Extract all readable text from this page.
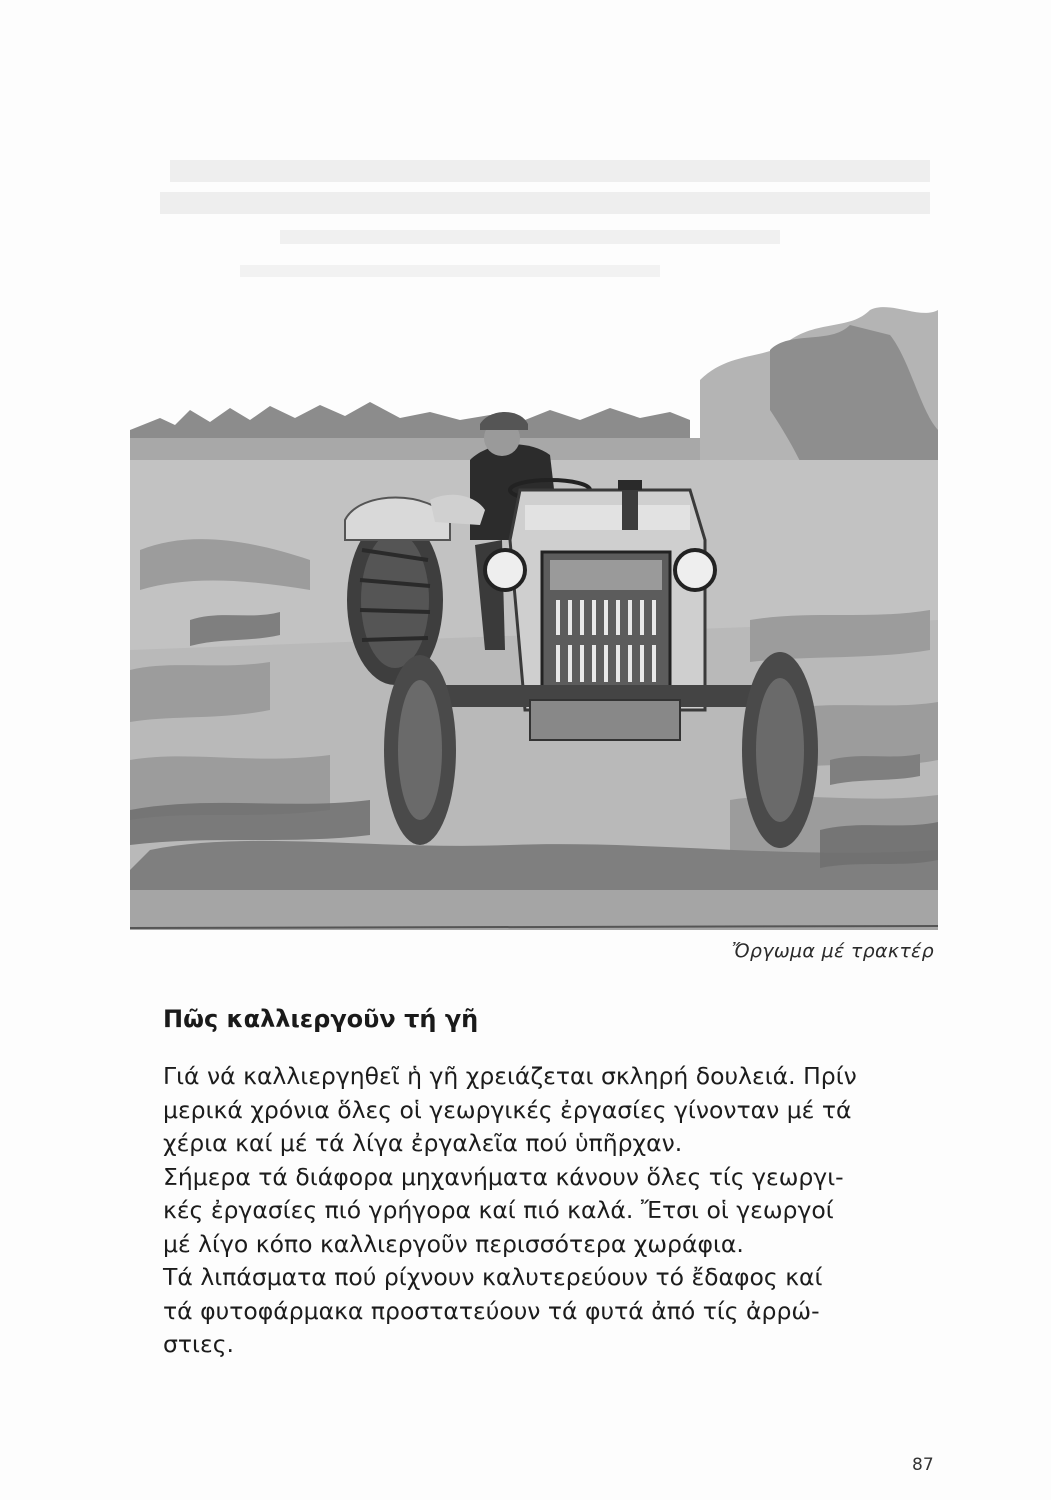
Ὄργωμα μέ τρακτέρ
Πῶς καλλιεργοῦν τή γῆ
Γιά νά καλλιεργηθεῖ ἡ γῆ χρειάζεται σκληρή δουλειά. Πρίν
μερικά χρόνια ὅλες οἱ γεωργικές ἐργασίες γίνονταν μέ τά
χέρια καί μέ τά λίγα ἐργαλεῖα πού ὑπῆρχαν.
Σήμερα τά διάφορα μηχανήματα κάνουν ὅλες τίς γεωργι-
κές ἐργασίες πιό γρήγορα καί πιό καλά. Ἔτσι οἱ γεωργοί
μέ λίγο κόπο καλλιεργοῦν περισσότερα χωράφια.
Τά λιπάσματα πού ρίχνουν καλυτερεύουν τό ἔδαφος καί
τά φυτοφάρμακα προστατεύουν τά φυτά ἀπό τίς ἀρρώ-
στιες.
87
